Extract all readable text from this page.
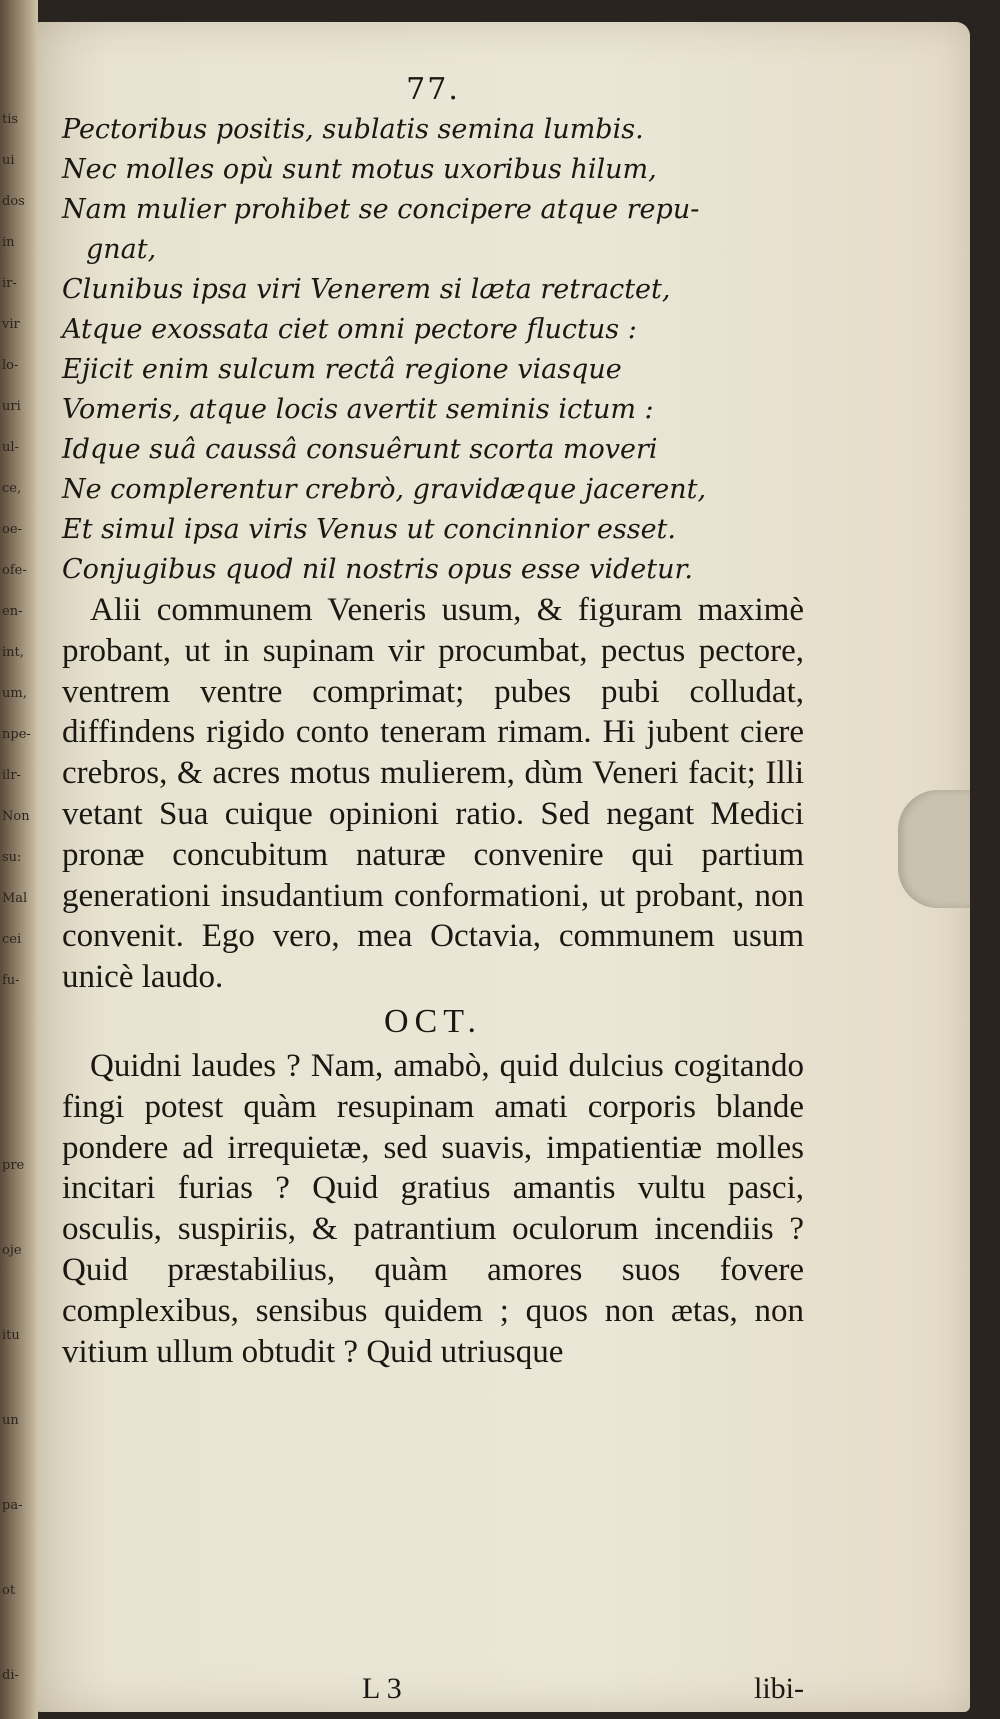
tis
ui
dos
in
ir-
vir
lo-
uri
ul-
ce,
oe-
ofe-
en-
int,
um,
npe-
ilr-
Non
su:
Mal
cei
fu-
pre
oje
itu
un
pa-
ot
di-
77.
Pectoribus positis, sublatis semina lumbis.
Nec molles opù sunt motus uxoribus hilum,
Nam mulier prohibet se concipere atque repu-
gnat,
Clunibus ipsa viri Venerem si læta retractet,
Atque exossata ciet omni pectore fluctus :
Ejicit enim sulcum rectâ regione viasque
Vomeris, atque locis avertit seminis ictum :
Idque suâ caussâ consuêrunt scorta moveri
Ne complerentur crebrò, gravidæque jacerent,
Et simul ipsa viris Venus ut concinnior esset.
Conjugibus quod nil nostris opus esse videtur.

Alii communem Veneris usum, & figuram maximè probant, ut in supinam vir procumbat, pectus pectore, ventrem ventre comprimat; pubes pubi colludat, diffindens rigido conto teneram rimam. Hi jubent ciere crebros, & acres motus mulierem, dùm Veneri facit; Illi vetant Sua cuique opinioni ratio. Sed negant Medici pronæ concubitum naturæ convenire qui partium generationi insudantium conformationi, ut probant, non convenit. Ego vero, mea Octavia, communem usum unicè laudo.

OCT.

Quidni laudes ? Nam, amabò, quid dulcius cogitando fingi potest quàm resupinam amati corporis blande pondere ad irrequietæ, sed suavis, impatientiæ molles incitari furias ? Quid gratius amantis vultu pasci, osculis, suspiriis, & patrantium oculorum incendiis ? Quid præstabilius, quàm amores suos fovere complexibus, sensibus quidem ; quos non ætas, non vitium ullum obtudit ? Quid utriusque

L 3	libi-
